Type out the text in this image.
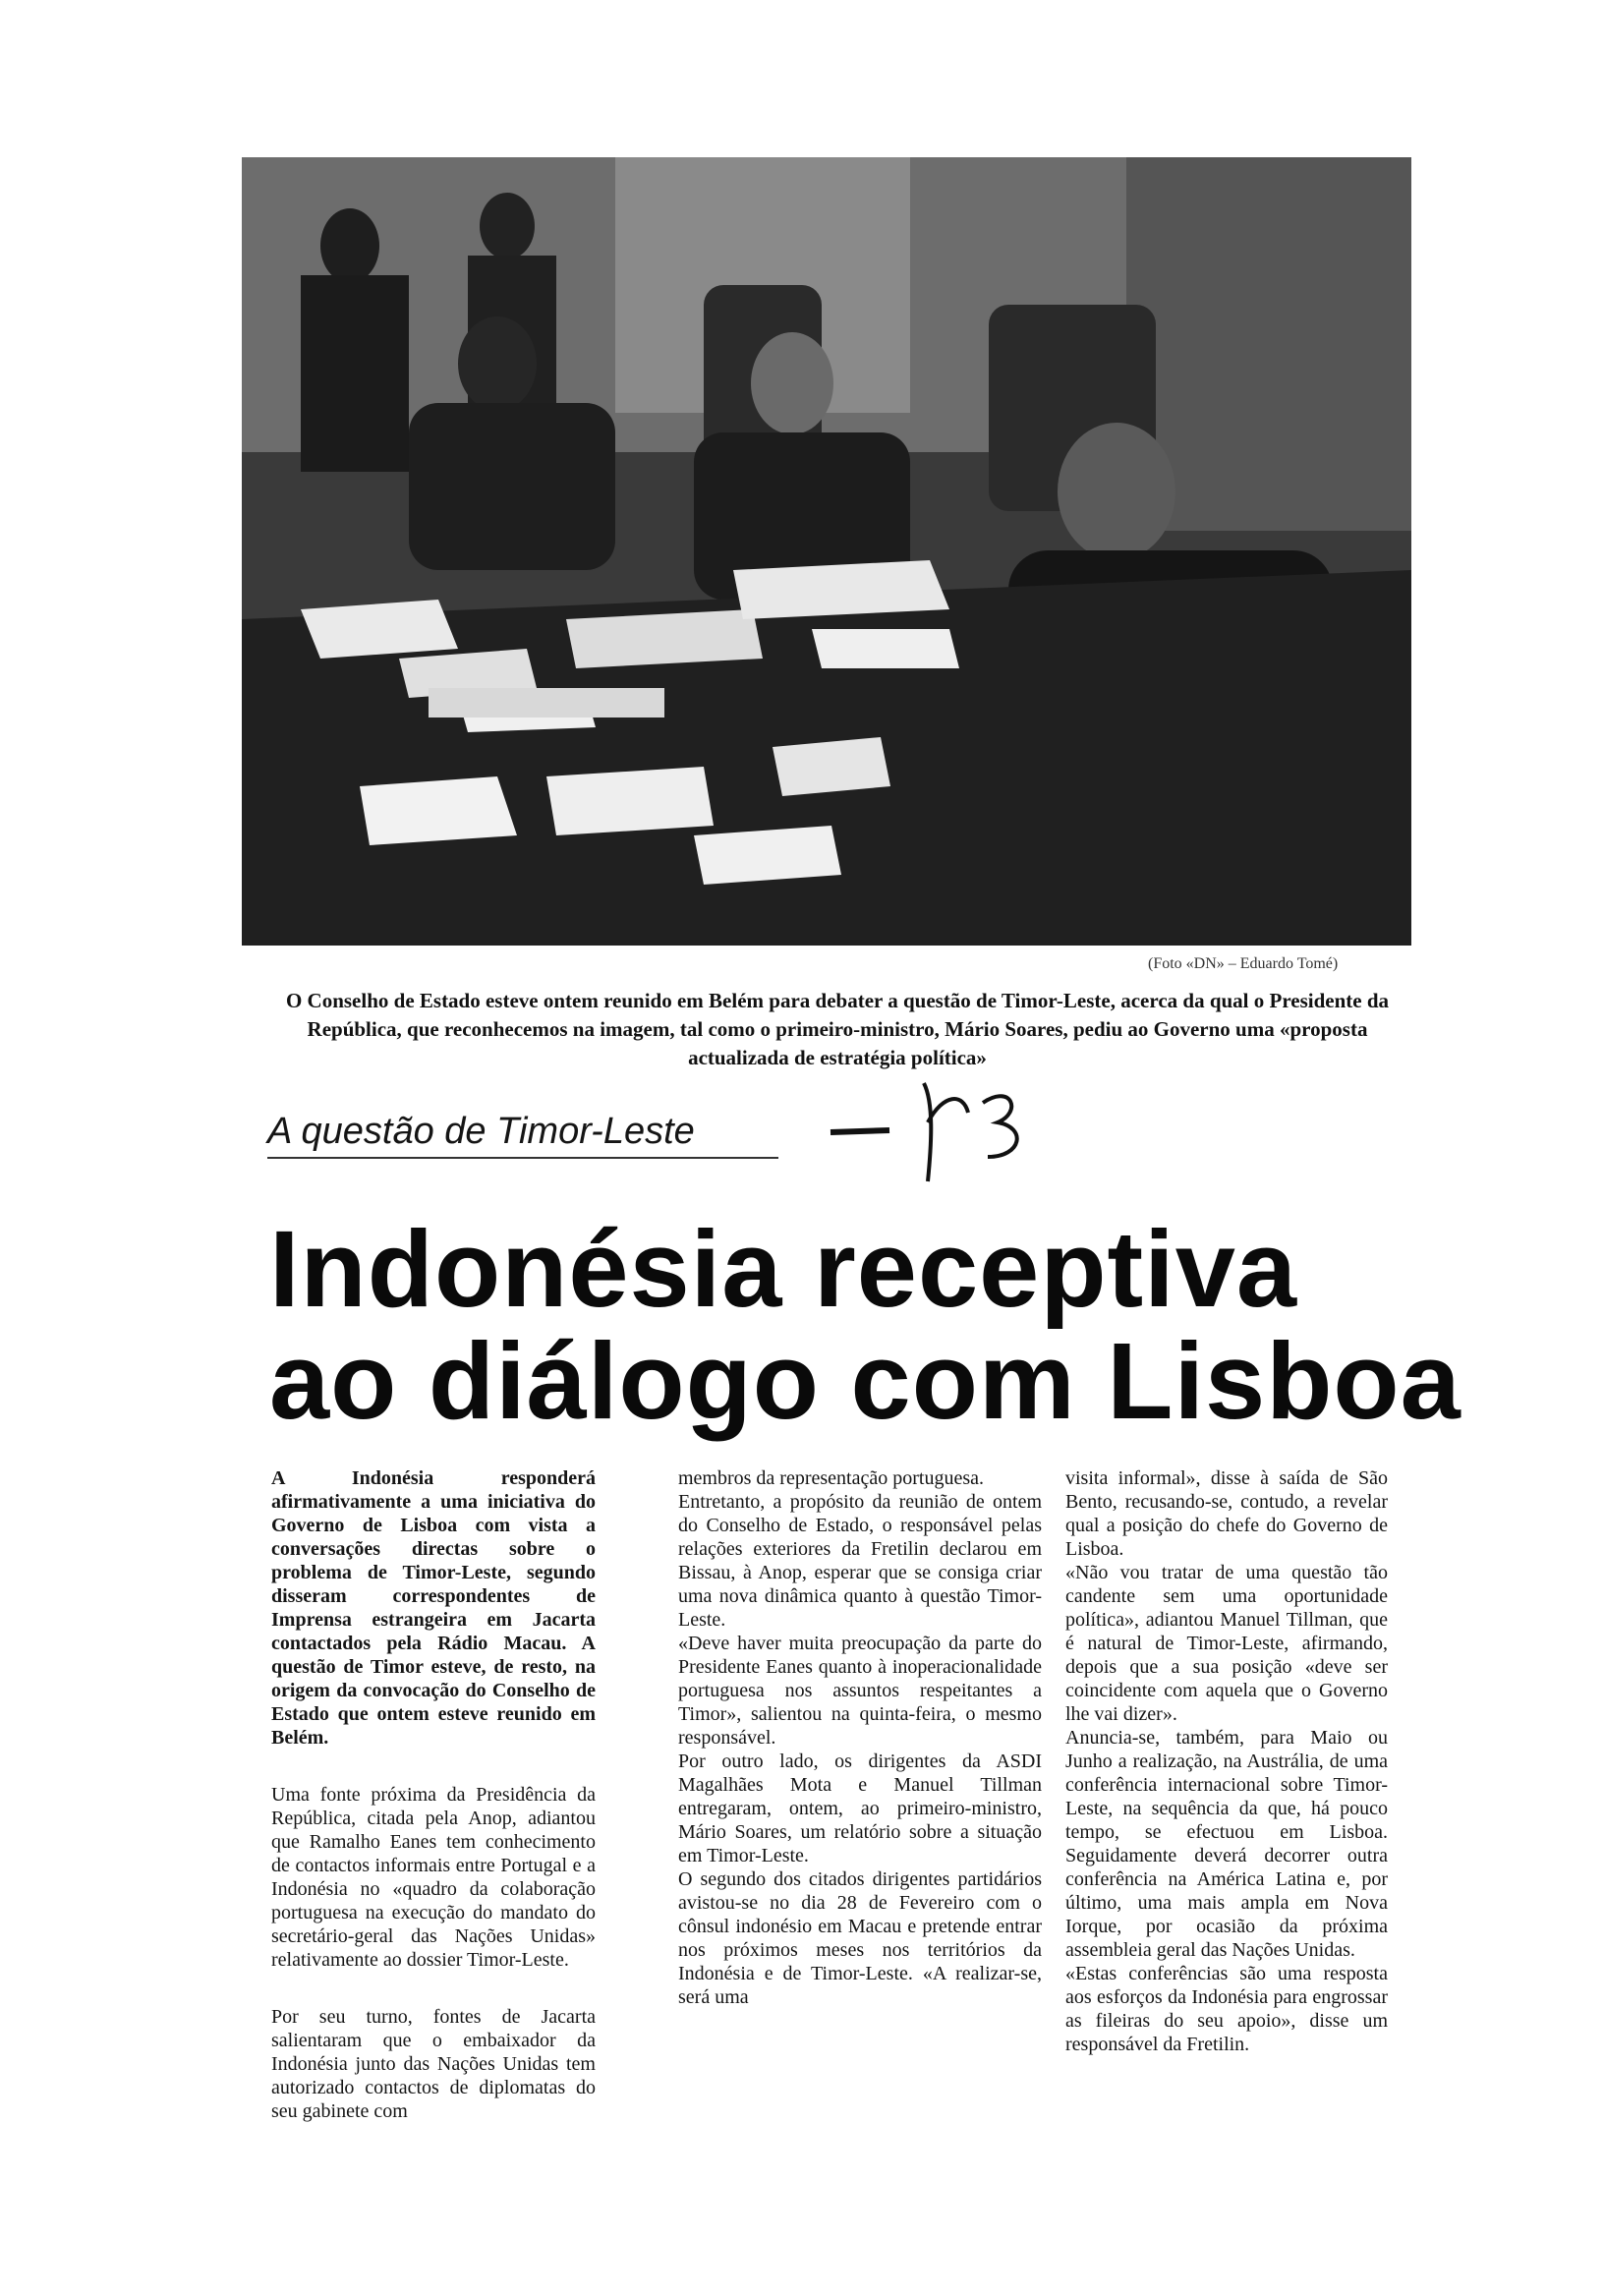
(Foto «DN» – Eduardo Tomé)
O Conselho de Estado esteve ontem reunido em Belém para debater a questão de Timor-Leste, acerca da qual o Presidente da República, que reconhecemos na imagem, tal como o primeiro-ministro, Mário Soares, pediu ao Governo uma «proposta actualizada de estratégia política»
A questão de Timor-Leste
Indonésia receptiva
ao diálogo com Lisboa

A Indonésia responderá afirmativamente a uma iniciativa do Governo de Lisboa com vista a conversações directas sobre o problema de Timor-Leste, segundo disseram correspondentes de Imprensa estrangeira em Jacarta contactados pela Rádio Macau. A questão de Timor esteve, de resto, na origem da convocação do Conselho de Estado que ontem esteve reunido em Belém.

Uma fonte próxima da Presidência da República, citada pela Anop, adiantou que Ramalho Eanes tem conhecimento de contactos informais entre Portugal e a Indonésia no «quadro da colaboração portuguesa na execução do mandato do secretário-geral das Nações Unidas» relativamente ao dossier Timor-Leste.

Por seu turno, fontes de Jacarta salientaram que o embaixador da Indonésia junto das Nações Unidas tem autorizado contactos de diplomatas do seu gabinete com

membros da representação portuguesa.

Entretanto, a propósito da reunião de ontem do Conselho de Estado, o responsável pelas relações exteriores da Fretilin declarou em Bissau, à Anop, esperar que se consiga criar uma nova dinâmica quanto à questão Timor-Leste.

«Deve haver muita preocupação da parte do Presidente Eanes quanto à inoperacionalidade portuguesa nos assuntos respeitantes a Timor», salientou na quinta-feira, o mesmo responsável.

Por outro lado, os dirigentes da ASDI Magalhães Mota e Manuel Tillman entregaram, ontem, ao primeiro-ministro, Mário Soares, um relatório sobre a situação em Timor-Leste.

O segundo dos citados dirigentes partidários avistou-se no dia 28 de Fevereiro com o cônsul indonésio em Macau e pretende entrar nos próximos meses nos territórios da Indonésia e de Timor-Leste. «A realizar-se, será uma

visita informal», disse à saída de São Bento, recusando-se, contudo, a revelar qual a posição do chefe do Governo de Lisboa.

«Não vou tratar de uma questão tão candente sem uma oportunidade política», adiantou Manuel Tillman, que é natural de Timor-Leste, afirmando, depois que a sua posição «deve ser coincidente com aquela que o Governo lhe vai dizer».

Anuncia-se, também, para Maio ou Junho a realização, na Austrália, de uma conferência internacional sobre Timor-Leste, na sequência da que, há pouco tempo, se efectuou em Lisboa. Seguidamente deverá decorrer outra conferência na América Latina e, por último, uma mais ampla em Nova Iorque, por ocasião da próxima assembleia geral das Nações Unidas.

«Estas conferências são uma resposta aos esforços da Indonésia para engrossar as fileiras do seu apoio», disse um responsável da Fretilin.
